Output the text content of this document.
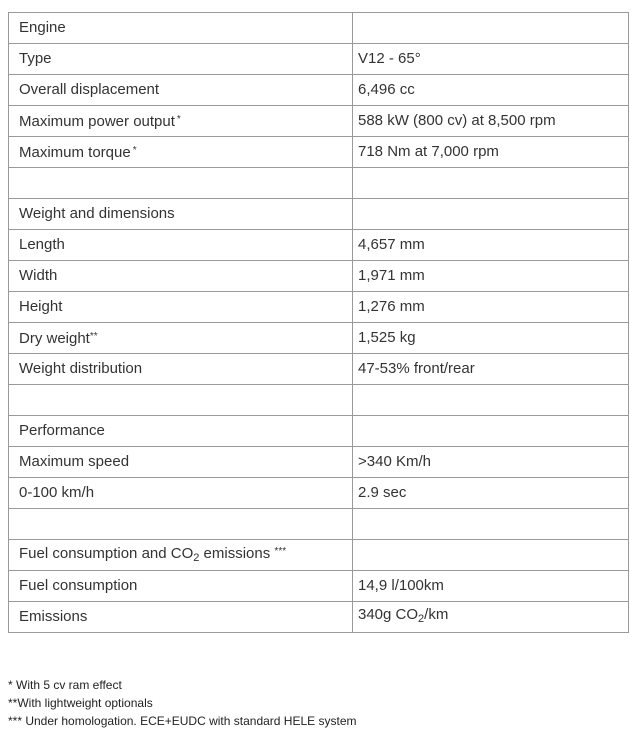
Engine	
Type	V12 - 65°
Overall displacement	6,496 cc
Maximum power output *	588 kW (800 cv) at 8,500 rpm
Maximum torque *	718 Nm at 7,000 rpm

Weight and dimensions	
Length	4,657 mm
Width	1,971 mm
Height	1,276 mm
Dry weight**	1,525 kg
Weight distribution	47-53% front/rear

Performance	
Maximum speed	>340 Km/h
0-100 km/h	2.9 sec

Fuel consumption and $CO_2$ emissions ***	
Fuel consumption	14,9 l/100km
Emissions	340g $CO_2/km$
* With 5 cv ram effect
**With lightweight optionals
*** Under homologation. ECE+EUDC with standard HELE system
